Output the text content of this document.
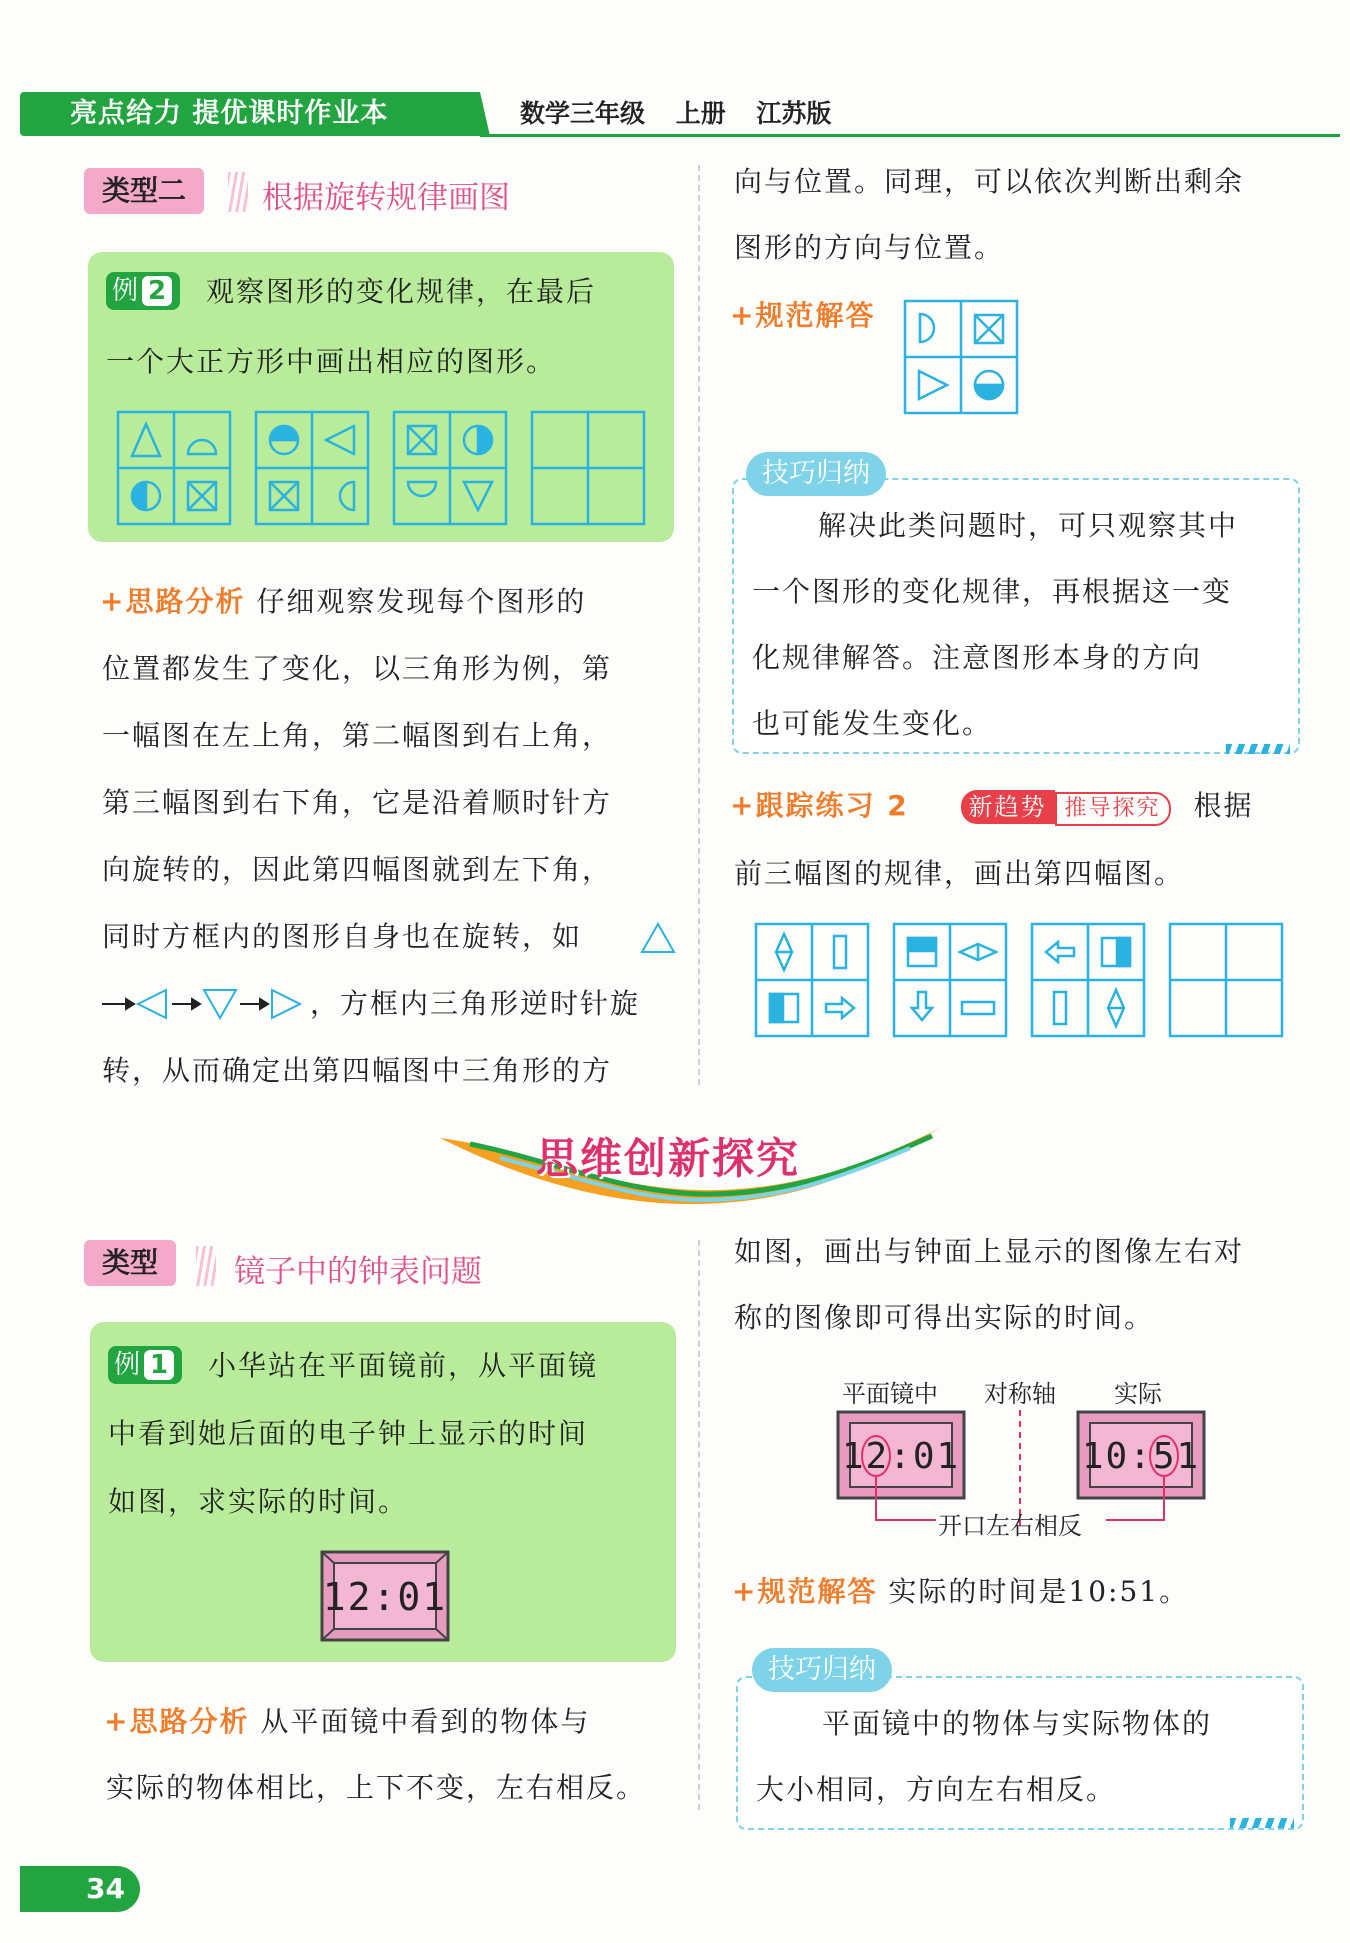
亮点给力 提优课时作业本	数学三年级 上册 江苏版
类型二	根据旋转规律画图
例 2	观察图形的变化规律，在最后
一个大正方形中画出相应的图形。
+思路分析 仔细观察发现每个图形的
位置都发生了变化，以三角形为例，第
一幅图在左上角，第二幅图到右上角，
第三幅图到右下角，它是沿着顺时针方
向旋转的，因此第四幅图就到左下角，
同时方框内的图形自身也在旋转，如
，方框内三角形逆时针旋
转，从而确定出第四幅图中三角形的方
向与位置。同理，可以依次判断出剩余
图形的方向与位置。
+规范解答
技巧归纳
解决此类问题时，可只观察其中
一个图形的变化规律，再根据这一变
化规律解答。注意图形本身的方向
也可能发生变化。
+跟踪练习 2 新趋势 推导探究 根据
前三幅图的规律，画出第四幅图。
思维创新探究
类型	镜子中的钟表问题
例 1	小华站在平面镜前，从平面镜
中看到她后面的电子钟上显示的时间
如图，求实际的时间。
12:01
+思路分析 从平面镜中看到的物体与
实际的物体相比，上下不变，左右相反。
如图，画出与钟面上显示的图像左右对
称的图像即可得出实际的时间。
平面镜中 对称轴 实际
12:01	10:51
开口左右相反
+规范解答 实际的时间是10:51。
技巧归纳
平面镜中的物体与实际物体的
大小相同，方向左右相反。
34
